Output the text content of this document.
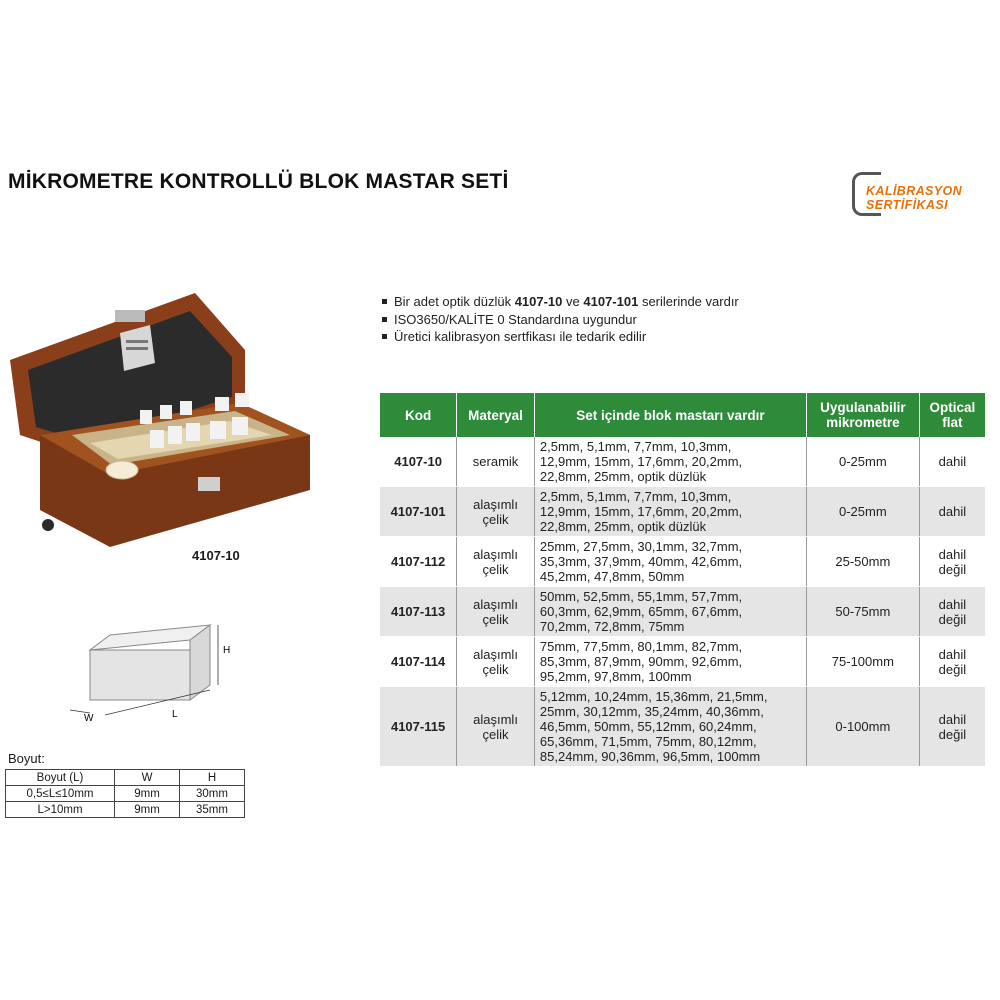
MİKROMETRE KONTROLLÜ BLOK MASTAR SETİ	KALİBRASYON
SERTİFİKASI
4107-10
H
L
W
Bir adet optik düzlük 4107-10 ve 4107-101 serilerinde vardır
ISO3650/KALİTE 0 Standardına uygundur
Üretici kalibrasyon sertfikası ile tedarik edilir
Kod	Materyal	Set içinde blok mastarı vardır	Uygulanabilir
mikrometre	Optical
flat
4107-10	seramik	2,5mm, 5,1mm, 7,7mm, 10,3mm,
12,9mm, 15mm, 17,6mm, 20,2mm,
22,8mm, 25mm, optik düzlük	0-25mm	dahil

4107-101	alaşımlı
çelik	2,5mm, 5,1mm, 7,7mm, 10,3mm,
12,9mm, 15mm, 17,6mm, 20,2mm,
22,8mm, 25mm, optik düzlük	0-25mm	dahil

4107-112	alaşımlı
çelik	25mm, 27,5mm, 30,1mm, 32,7mm,
35,3mm, 37,9mm, 40mm, 42,6mm,
45,2mm, 47,8mm, 50mm	25-50mm	dahil
değil

4107-113	alaşımlı
çelik	50mm, 52,5mm, 55,1mm, 57,7mm,
60,3mm, 62,9mm, 65mm, 67,6mm,
70,2mm, 72,8mm, 75mm	50-75mm	dahil
değil

4107-114	alaşımlı
çelik	75mm, 77,5mm, 80,1mm, 82,7mm,
85,3mm, 87,9mm, 90mm, 92,6mm,
95,2mm, 97,8mm, 100mm	75-100mm	dahil
değil

4107-115	alaşımlı
çelik	5,12mm, 10,24mm, 15,36mm, 21,5mm,
25mm, 30,12mm, 35,24mm, 40,36mm,
46,5mm, 50mm, 55,12mm, 60,24mm,
65,36mm, 71,5mm, 75mm, 80,12mm,
85,24mm, 90,36mm, 96,5mm, 100mm	0-100mm	dahil
değil
Boyut:
Boyut (L)	W	H
0,5≤L≤10mm	9mm	30mm
L>10mm	9mm	35mm
